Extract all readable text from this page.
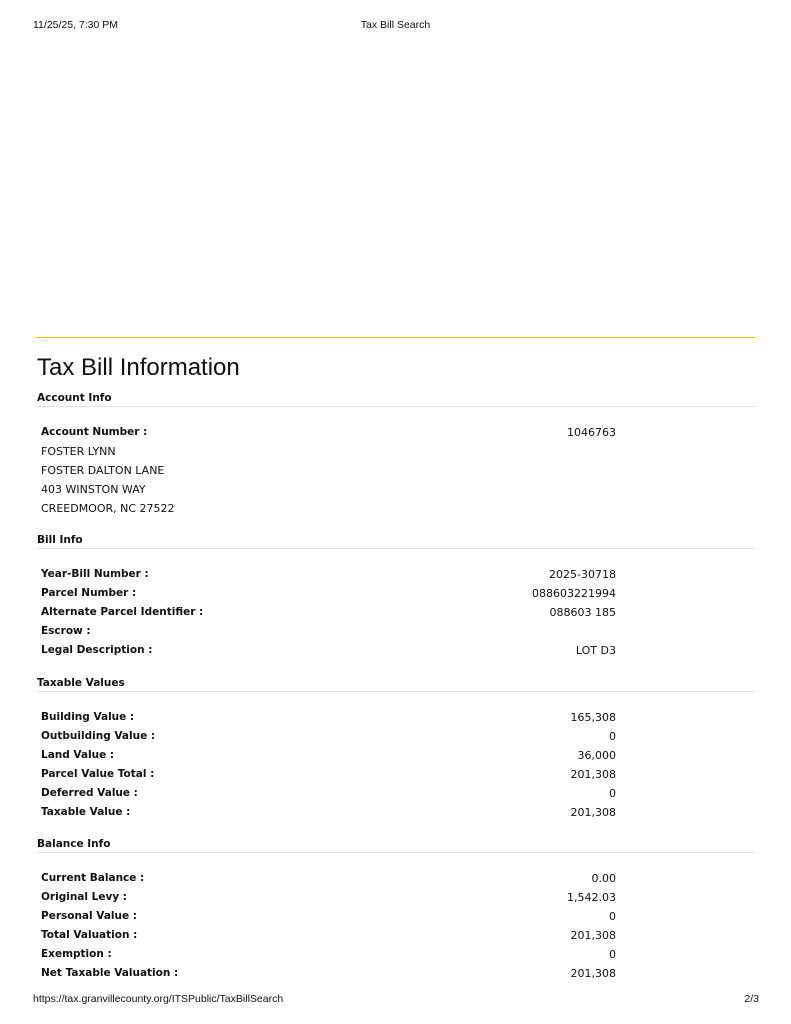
11/25/25, 7:30 PM	Tax Bill Search
Tax Bill Information
Account Info
Account Number :	1046763
FOSTER LYNN
FOSTER DALTON LANE
403 WINSTON WAY
CREEDMOOR, NC 27522
Bill Info
Year-Bill Number :	2025-30718
Parcel Number :	088603221994
Alternate Parcel Identifier :	088603 185
Escrow :
Legal Description :	LOT D3
Taxable Values
Building Value :	165,308
Outbuilding Value :	0
Land Value :	36,000
Parcel Value Total :	201,308
Deferred Value :	0
Taxable Value :	201,308
Balance Info
Current Balance :	0.00
Original Levy :	1,542.03
Personal Value :	0
Total Valuation :	201,308
Exemption :	0
Net Taxable Valuation :	201,308
https://tax.granvillecounty.org/ITSPublic/TaxBillSearch	2/3
